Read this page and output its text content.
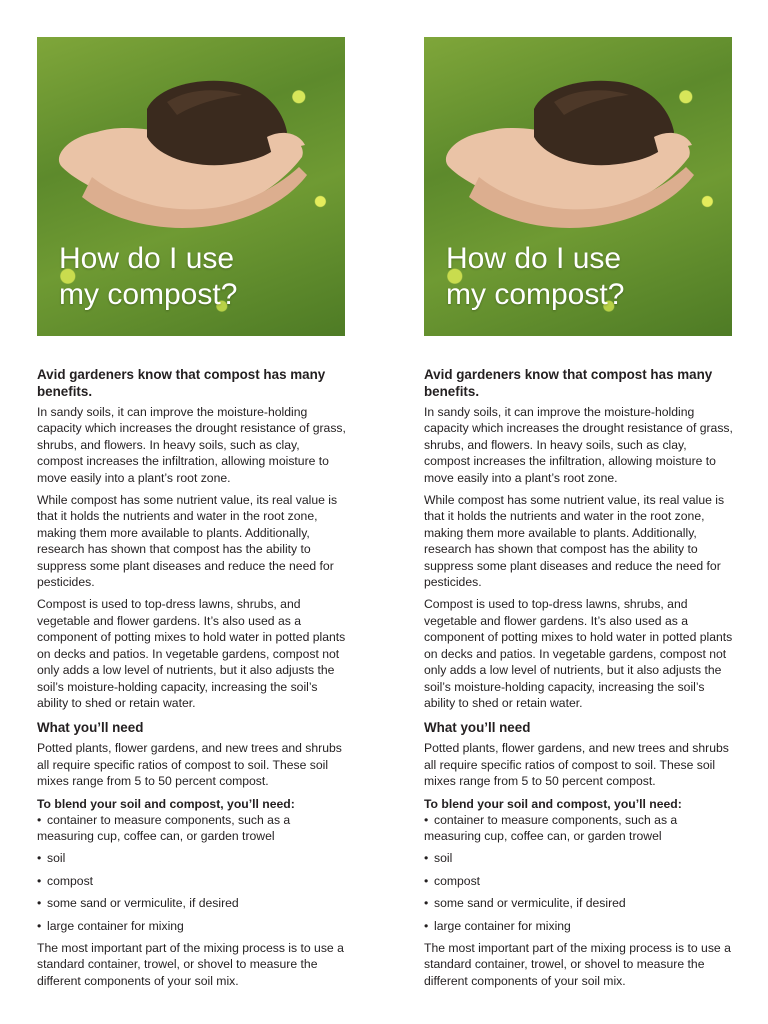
How do I use
my compost?
Avid gardeners know that compost has many benefits.

In sandy soils, it can improve the moisture-holding capacity which increases the drought resistance of grass, shrubs, and flowers. In heavy soils, such as clay, compost increases the infiltration, allowing moisture to move easily into a plant’s root zone.

While compost has some nutrient value, its real value is that it holds the nutrients and water in the root zone, making them more available to plants. Additionally, research has shown that compost has the ability to suppress some plant diseases and reduce the need for pesticides.

Compost is used to top-dress lawns, shrubs, and vegetable and flower gardens. It’s also used as a component of potting mixes to hold water in potted plants on decks and patios. In vegetable gardens, compost not only adds a low level of nutrients, but it also adjusts the soil’s moisture-holding capacity, increasing the soil’s ability to shed or retain water.

What you’ll need

Potted plants, flower gardens, and new trees and shrubs all require specific ratios of compost to soil. These soil mixes range from 5 to 50 percent compost.

To blend your soil and compost, you’ll need:
• container to measure components, such as a measuring cup, coffee can, or garden trowel
• soil
• compost
• some sand or vermiculite, if desired
• large container for mixing

The most important part of the mixing process is to use a standard container, trowel, or shovel to measure the different components of your soil mix.

How do I use
my compost?
Avid gardeners know that compost has many benefits.

In sandy soils, it can improve the moisture-holding capacity which increases the drought resistance of grass, shrubs, and flowers. In heavy soils, such as clay, compost increases the infiltration, allowing moisture to move easily into a plant’s root zone.

While compost has some nutrient value, its real value is that it holds the nutrients and water in the root zone, making them more available to plants. Additionally, research has shown that compost has the ability to suppress some plant diseases and reduce the need for pesticides.

Compost is used to top-dress lawns, shrubs, and vegetable and flower gardens. It’s also used as a component of potting mixes to hold water in potted plants on decks and patios. In vegetable gardens, compost not only adds a low level of nutrients, but it also adjusts the soil’s moisture-holding capacity, increasing the soil’s ability to shed or retain water.

What you’ll need

Potted plants, flower gardens, and new trees and shrubs all require specific ratios of compost to soil. These soil mixes range from 5 to 50 percent compost.

To blend your soil and compost, you’ll need:
• container to measure components, such as a measuring cup, coffee can, or garden trowel
• soil
• compost
• some sand or vermiculite, if desired
• large container for mixing

The most important part of the mixing process is to use a standard container, trowel, or shovel to measure the different components of your soil mix.
